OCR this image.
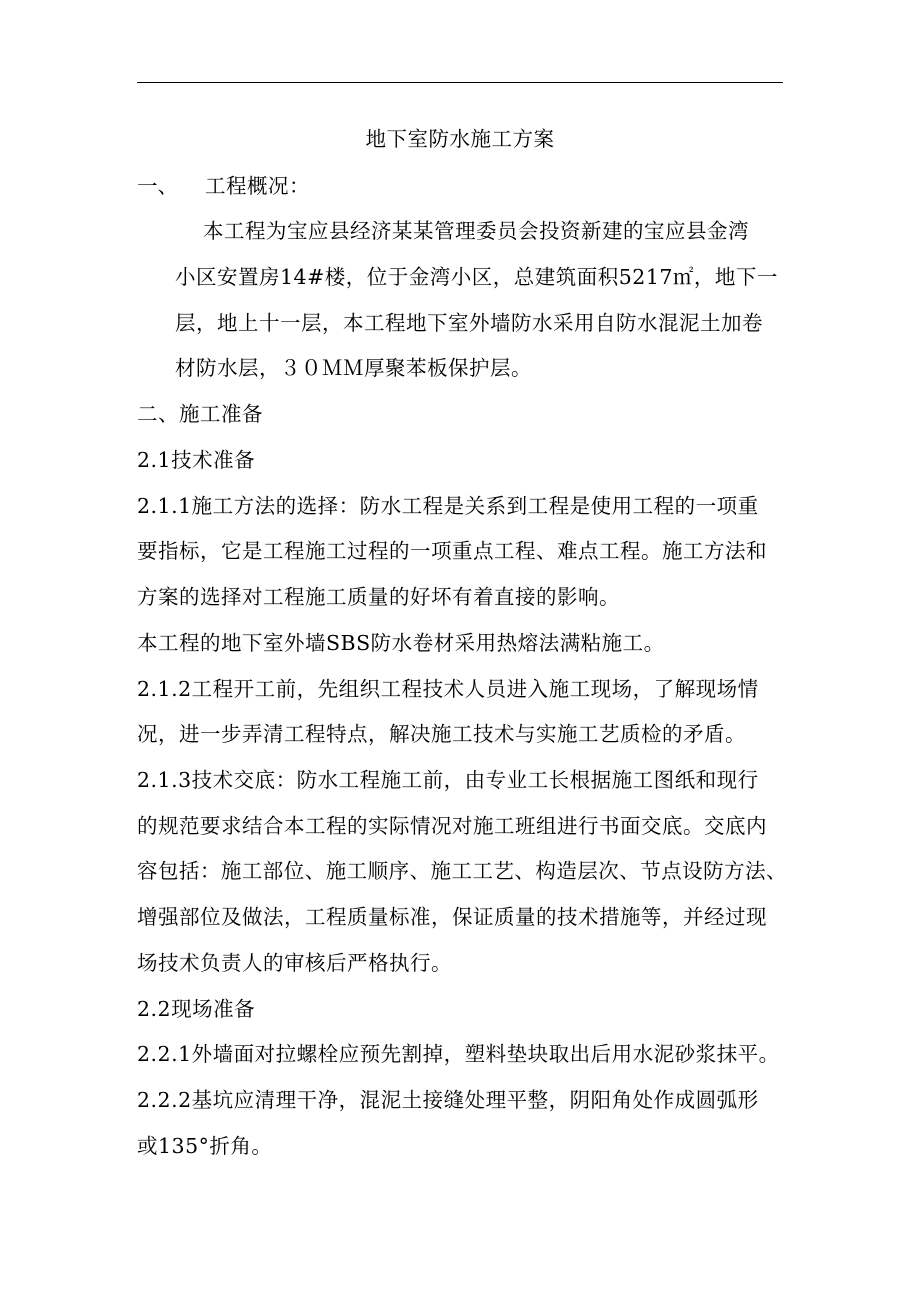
地下室防水施工方案
一、 工程概况：
本工程为宝应县经济某某管理委员会投资新建的宝应县金湾
小区安置房14#楼，位于金湾小区，总建筑面积5217㎡，地下一
层，地上十一层，本工程地下室外墙防水采用自防水混泥土加卷
材防水层，３０ＭＭ厚聚苯板保护层。
二、施工准备
2.1技术准备
2.1.1施工方法的选择：防水工程是关系到工程是使用工程的一项重
要指标，它是工程施工过程的一项重点工程、难点工程。施工方法和
方案的选择对工程施工质量的好坏有着直接的影响。
本工程的地下室外墙SBS防水卷材采用热熔法满粘施工。
2.1.2工程开工前，先组织工程技术人员进入施工现场，了解现场情
况，进一步弄清工程特点，解决施工技术与实施工艺质检的矛盾。
2.1.3技术交底：防水工程施工前，由专业工长根据施工图纸和现行
的规范要求结合本工程的实际情况对施工班组进行书面交底。交底内
容包括：施工部位、施工顺序、施工工艺、构造层次、节点设防方法、
增强部位及做法，工程质量标准，保证质量的技术措施等，并经过现
场技术负责人的审核后严格执行。
2.2现场准备
2.2.1外墙面对拉螺栓应预先割掉，塑料垫块取出后用水泥砂浆抹平。
2.2.2基坑应清理干净，混泥土接缝处理平整，阴阳角处作成圆弧形
或135°折角。
